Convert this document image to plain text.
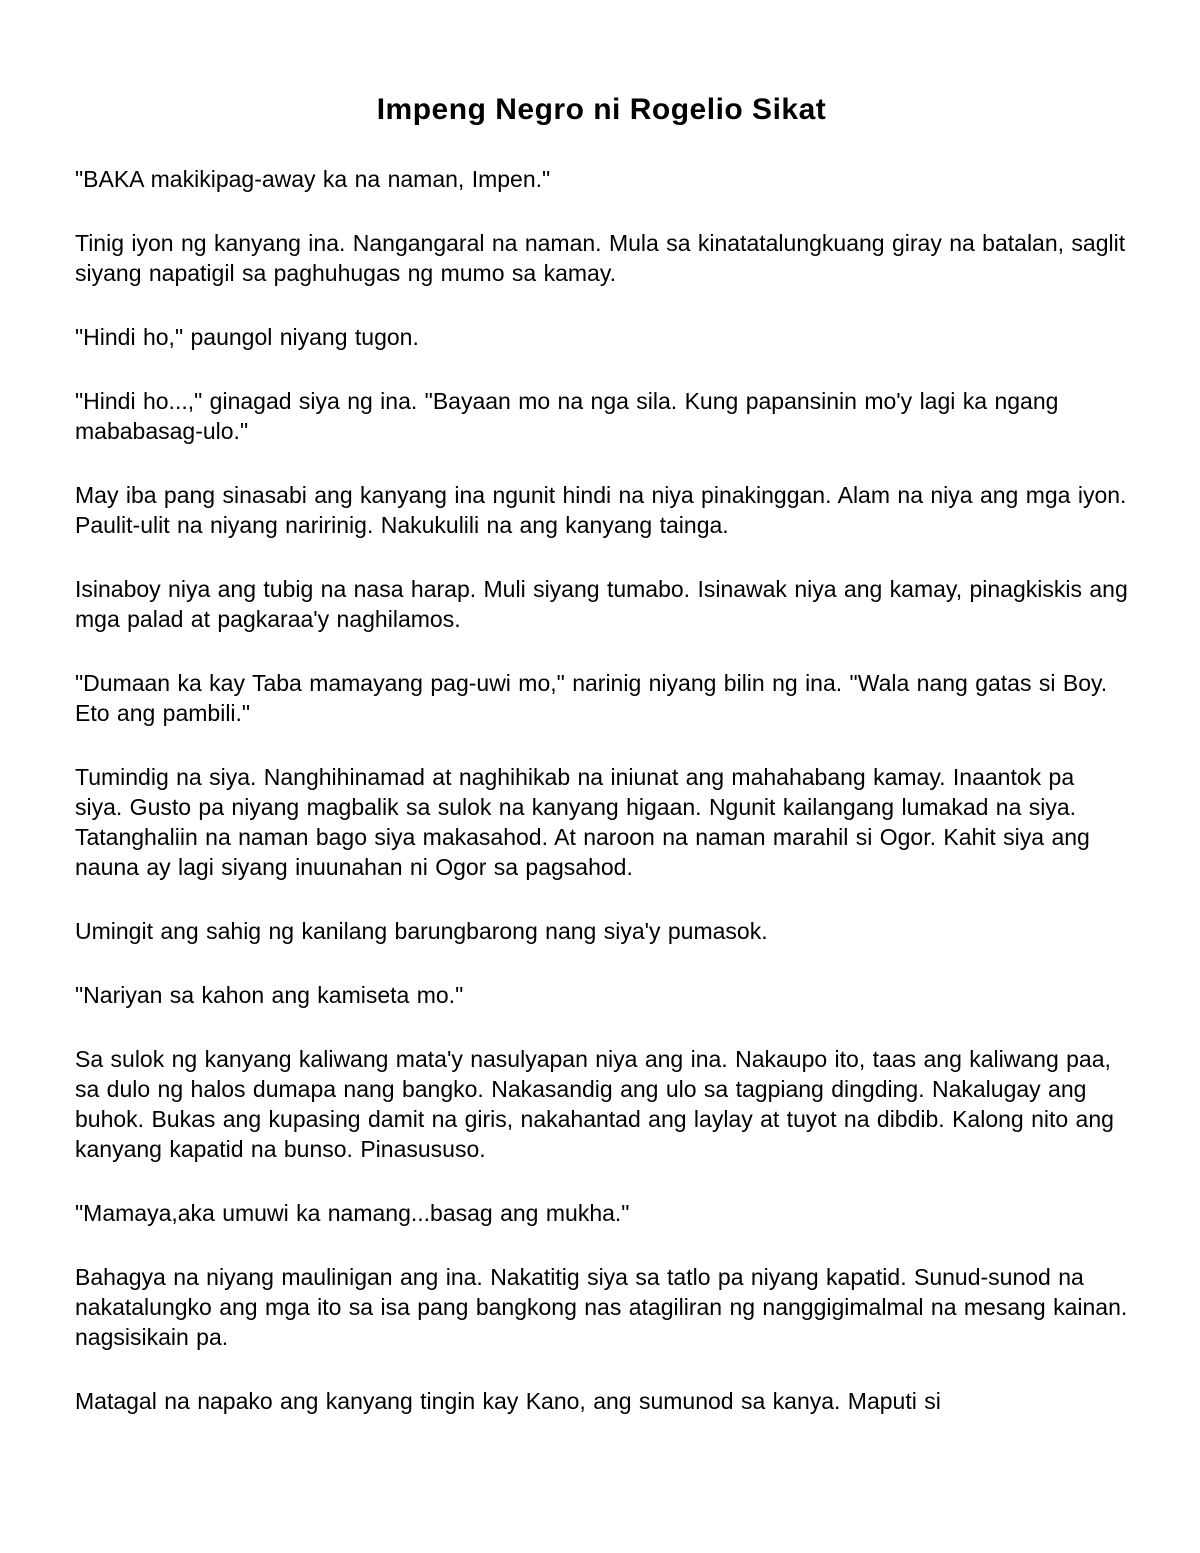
Impeng Negro ni Rogelio Sikat

"BAKA makikipag-away ka na naman, Impen."

Tinig iyon ng kanyang ina. Nangangaral na naman. Mula sa kinatatalungkuang giray na batalan, saglit siyang napatigil sa paghuhugas ng mumo sa kamay.

"Hindi ho," paungol niyang tugon.

"Hindi ho...," ginagad siya ng ina. "Bayaan mo na nga sila. Kung papansinin mo'y lagi ka ngang mababasag-ulo."

May iba pang sinasabi ang kanyang ina ngunit hindi na niya pinakinggan. Alam na niya ang mga iyon. Paulit-ulit na niyang naririnig. Nakukulili na ang kanyang tainga.

Isinaboy niya ang tubig na nasa harap. Muli siyang tumabo. Isinawak niya ang kamay, pinagkiskis ang mga palad at pagkaraa'y naghilamos.

"Dumaan ka kay Taba mamayang pag-uwi mo," narinig niyang bilin ng ina. "Wala nang gatas si Boy. Eto ang pambili."

Tumindig na siya. Nanghihinamad at naghihikab na iniunat ang mahahabang kamay. Inaantok pa siya. Gusto pa niyang magbalik sa sulok na kanyang higaan. Ngunit kailangang lumakad na siya. Tatanghaliin na naman bago siya makasahod. At naroon na naman marahil si Ogor. Kahit siya ang nauna ay lagi siyang inuunahan ni Ogor sa pagsahod.

Umingit ang sahig ng kanilang barungbarong nang siya'y pumasok.

"Nariyan sa kahon ang kamiseta mo."

Sa sulok ng kanyang kaliwang mata'y nasulyapan niya ang ina. Nakaupo ito, taas ang kaliwang paa, sa dulo ng halos dumapa nang bangko. Nakasandig ang ulo sa tagpiang dingding. Nakalugay ang buhok. Bukas ang kupasing damit na giris, nakahantad ang laylay at tuyot na dibdib. Kalong nito ang kanyang kapatid na bunso. Pinasususo.

"Mamaya,aka umuwi ka namang...basag ang mukha."

Bahagya na niyang maulinigan ang ina. Nakatitig siya sa tatlo pa niyang kapatid. Sunud-sunod na nakatalungko ang mga ito sa isa pang bangkong nas atagiliran ng nanggigimalmal na mesang kainan. nagsisikain pa.

Matagal na napako ang kanyang tingin kay Kano, ang sumunod sa kanya. Maputi si
